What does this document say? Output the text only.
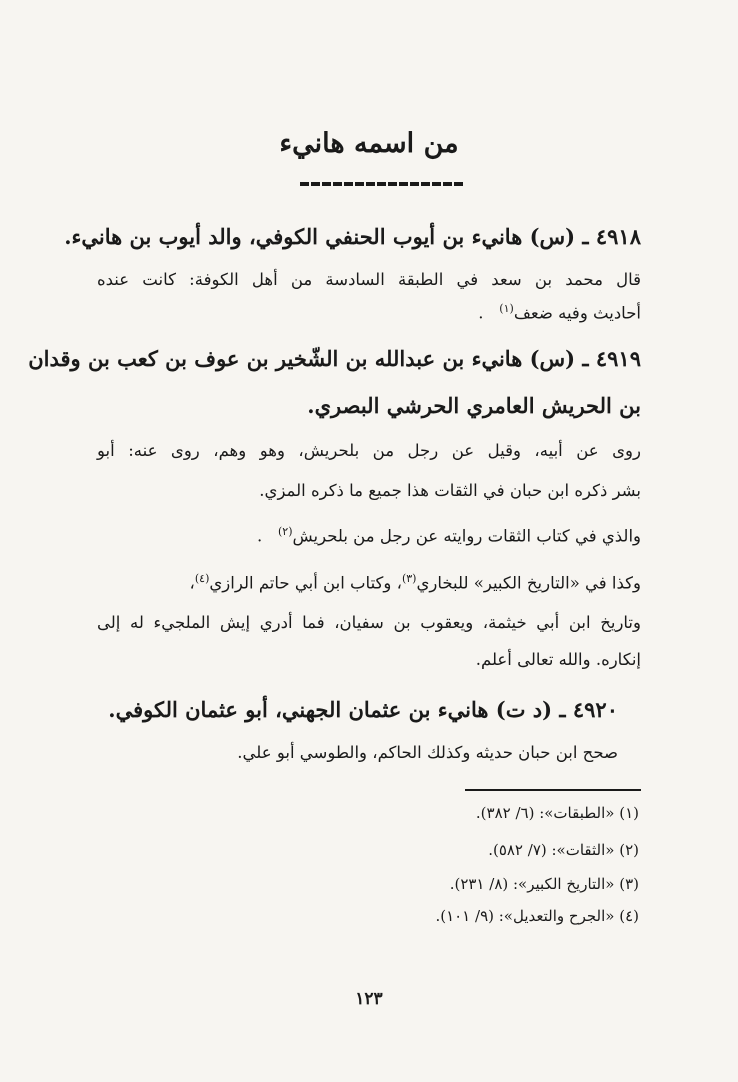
من اسمه هانيء
٤٩١٨ ـ (س) هانيء بن أيوب الحنفي الكوفي، والد أيوب بن هانيء.
قال محمد بن سعد في الطبقة السادسة من أهل الكوفة: كانت عنده
أحاديث وفيه ضعف$^{(١)}$   .
٤٩١٩ ـ (س) هانيء بن عبدالله بن الشّخير بن عوف بن كعب بن وقدان
بن الحريش العامري الحرشي البصري.
روى عن أبيه، وقيل عن رجل من بلحريش، وهو وهم، روى عنه: أبو
بشر ذكره ابن حبان في الثقات هذا جميع ما ذكره المزي.
والذي في كتاب الثقات روايته عن رجل من بلحريش$^{(٢)}$   .
وكذا في «التاريخ الكبير» للبخاري$^{(٣)}$، وكتاب ابن أبي حاتم الرازي$^{(٤)}$،
وتاريخ ابن أبي خيثمة، ويعقوب بن سفيان، فما أدري إيش الملجيء له إلى
إنكاره. والله تعالى أعلم.
٤٩٢٠ ـ (د ت) هانيء بن عثمان الجهني، أبو عثمان الكوفي.
صحح ابن حبان حديثه وكذلك الحاكم، والطوسي أبو علي.
(١) «الطبقات»: (٦/ ٣٨٢).
(٢) «الثقات»: (٧/ ٥٨٢).
(٣) «التاريخ الكبير»: (٨/ ٢٣١).
(٤) «الجرح والتعديل»: (٩/ ١٠١).
١٢٣
